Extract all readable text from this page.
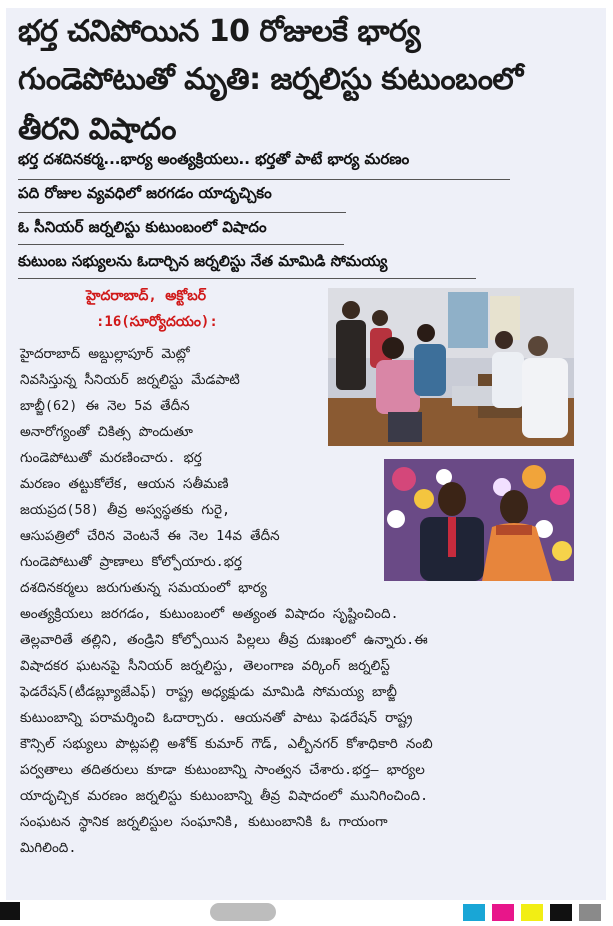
భర్త చనిపోయిన 10 రోజులకే భార్య
గుండెపోటుతో మృతి: జర్నలిస్టు కుటుంబంలో
తీరని విషాదం
భర్త దశదినకర్మ...భార్య అంత్యక్రియలు.. భర్తతో పాటే భార్య మరణం
పది రోజుల వ్యవధిలో జరగడం యాదృచ్చికం
ఓ సీనియర్ జర్నలిస్టు కుటుంబంలో విషాదం
కుటుంబ సభ్యులను ఓదార్చిన జర్నలిస్టు నేత మామిడి సోమయ్య
హైదరాబాద్, అక్టోబర్
:16(సూర్యోదయం):

హైదరాబాద్ అబ్దుల్లాపూర్ మెట్లో

నివసిస్తున్న సీనియర్ జర్నలిస్టు మేడపాటి

బాబ్జీ(62) ఈ నెల 5వ తేదీన

అనారోగ్యంతో చికిత్స పొందుతూ

గుండెపోటుతో మరణించారు. భర్త

మరణం తట్టుకోలేక, ఆయన సతీమణి

జయప్రద(58) తీవ్ర అస్వస్థతకు గురై,

ఆసుపత్రిలో చేరిన వెంటనే ఈ నెల 14వ తేదీన

గుండెపోటుతో ప్రాణాలు కోల్పోయారు.భర్త

దశదినకర్మలు జరుగుతున్న సమయంలో భార్య

అంత్యక్రియలు జరగడం, కుటుంబంలో అత్యంత విషాదం సృష్టించింది.

తెల్లవారితే తల్లిని, తండ్రిని కోల్పోయిన పిల్లలు తీవ్ర దుఃఖంలో ఉన్నారు.ఈ

విషాదకర ఘటనపై సీనియర్ జర్నలిస్టు, తెలంగాణ వర్కింగ్ జర్నలిస్ట్

ఫెడరేషన్(టీడబ్ల్యూజేఎఫ్) రాష్ట్ర అధ్యక్షుడు మామిడి సోమయ్య బాబ్జీ

కుటుంబాన్ని పరామర్శించి ఓదార్చారు. ఆయనతో పాటు ఫెడరేషన్ రాష్ట్ర

కౌన్సిల్ సభ్యులు పొట్లపల్లి అశోక్ కుమార్ గౌడ్, ఎల్బీనగర్ కోశాధికారి నంబి

పర్వతాలు తదితరులు కూడా కుటుంబాన్ని సాంత్వన చేశారు.భర్త– భార్యల

యాదృచ్చిక మరణం జర్నలిస్టు కుటుంబాన్ని తీవ్ర విషాదంలో మునిగించింది.

సంఘటన స్థానిక జర్నలిస్టుల సంఘానికి, కుటుంబానికి ఓ గాయంగా

మిగిలింది.
